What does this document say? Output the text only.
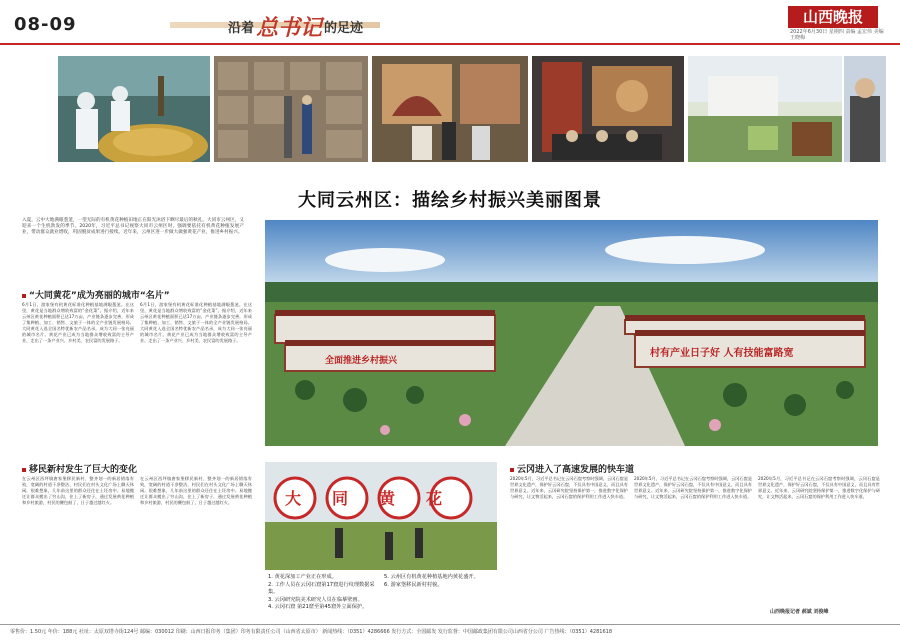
08-09	沿着 总书记 的足迹
山西晚报
2022年6月30日 星期四 责编 孟宏伟 美编 王晓梅
大同云州区：描绘乡村振兴美丽图景
入夏，云中大地满眼葱茏，一望无际的有机黄花种植田地正在阳光沐浴下晒尽最后的秋礼。大同市云州区，又迎来一个生机勃发的季节。2020年，习近平总书记视察大同市云州区时，强调要依托有机黄花种植发展产业，带动群众就业增收，巩固脱贫成果进行接续。近年来，云州区进一步做大做强黄花产业，推进乡村振兴。
全面推进乡村振兴
村有产业日子好 人有技能富路宽
“大同黄花”成为亮丽的城市“名片”
6月1日，游家堡有机黄花标准化种植基地满眼葱茏。在这里，黄花是当地群众增收致富的“金花菜”。据介绍，近年来云州区黄花种植面积已达17万亩，产业链条逐步完善，形成了集种植、加工、销售、文旅于一体的全产业链发展格局。大同黄花入选全国名特优新农产品名录，成为大同一张亮丽的城市名片。黄花产业已成为当地群众增收致富的主导产业，走出了一条产业兴、乡村美、农民富的发展路子。
6月1日，游家堡有机黄花标准化种植基地满眼葱茏。在这里，黄花是当地群众增收致富的“金花菜”。据介绍，近年来云州区黄花种植面积已达17万亩，产业链条逐步完善，形成了集种植、加工、销售、文旅于一体的全产业链发展格局。大同黄花入选全国名特优新农产品名录，成为大同一张亮丽的城市名片。黄花产业已成为当地群众增收致富的主导产业，走出了一条产业兴、乡村美、农民富的发展路子。
移民新村发生了巨大的变化
在云州区西坪镇唐家堡移民新村，整齐划一的新居错落有致，宽阔的村道干净整洁，村民们在村头文化广场上聊天休闲。很难想象，几年前这里的群众还住在土坯房中。易地搬迁让群众搬出了穷山沟，住上了新房子，通过发展黄花种植和乡村旅游，村民的腰包鼓了，日子越过越红火。
在云州区西坪镇唐家堡移民新村，整齐划一的新居错落有致，宽阔的村道干净整洁，村民们在村头文化广场上聊天休闲。很难想象，几年前这里的群众还住在土坯房中。易地搬迁让群众搬出了穷山沟，住上了新房子，通过发展黄花种植和乡村旅游，村民的腰包鼓了，日子越过越红火。	大同黄花
1. 黄花深加工产业正在形成。
2. 工作人员在云冈石窟第17窟进行纹理数据采集。
3. 云冈研究院美术研究人员在临摹壁画。
4. 云冈石窟 第21窟至第45窟外立面保护。
5. 云州区有机黄花种植基地内黄花盛开。
6. 游家堡移民新村村貌。
云冈进入了高速发展的快车道
2020年5月，习近平总书记在云冈石窟考察时强调，云冈石窟是世界文化遗产，保护好云冈石窟，不仅具有中国意义，而且具有世界意义。近年来，云冈研究院坚持保护第一，推进数字化保护与研究，让文物活起来，云冈石窟的保护利用工作进入快车道。
2020年5月，习近平总书记在云冈石窟考察时强调，云冈石窟是世界文化遗产，保护好云冈石窟，不仅具有中国意义，而且具有世界意义。近年来，云冈研究院坚持保护第一，推进数字化保护与研究，让文物活起来，云冈石窟的保护利用工作进入快车道。
2020年5月，习近平总书记在云冈石窟考察时强调，云冈石窟是世界文化遗产，保护好云冈石窟，不仅具有中国意义，而且具有世界意义。近年来，云冈研究院坚持保护第一，推进数字化保护与研究，让文物活起来，云冈石窟的保护利用工作进入快车道。
山西晚报记者 郝斌 刘俊峰
零售价：1.50元 年价：188元 社址：太原双塔寺街124号 邮编：030012 印刷：山西日报印务（集团）印务有限责任公司（山西省太原市） 新闻热线：（0351）4286666 发行方式：全国邮发 发行监督：中国邮政集团有限公司山西省分公司 广告热线：（0351）4281618
